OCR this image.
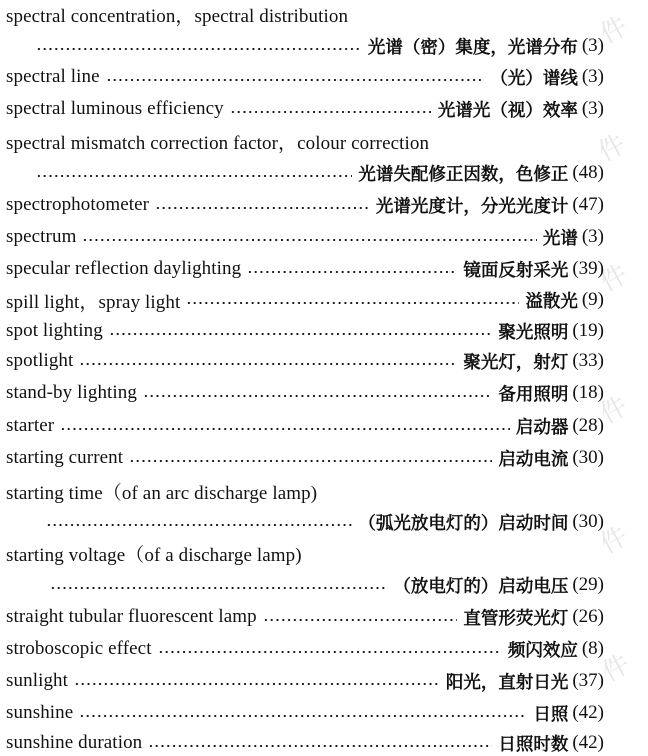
件
件
件
件
件
件
spectral concentration，spectral distribution
光谱（密）集度，光谱分布 (3)
spectral line	（光）谱线 (3)
spectral luminous efficiency	光谱光（视）效率 (3)
spectral mismatch correction factor，colour correction
光谱失配修正因数，色修正 (48)
spectrophotometer	光谱光度计，分光光度计 (47)
spectrum	光谱 (3)
specular reflection daylighting	镜面反射采光 (39)
spill light，spray light	溢散光 (9)
spot lighting	聚光照明 (19)
spotlight	聚光灯，射灯 (33)
stand-by lighting	备用照明 (18)
starter	启动器 (28)
starting current	启动电流 (30)
starting time（of an arc discharge lamp)
（弧光放电灯的）启动时间 (30)
starting voltage（of a discharge lamp)
（放电灯的）启动电压 (29)
straight tubular fluorescent lamp	直管形荧光灯 (26)
stroboscopic effect	频闪效应 (8)
sunlight	阳光，直射日光 (37)
sunshine	日照 (42)
sunshine duration	日照时数 (42)
